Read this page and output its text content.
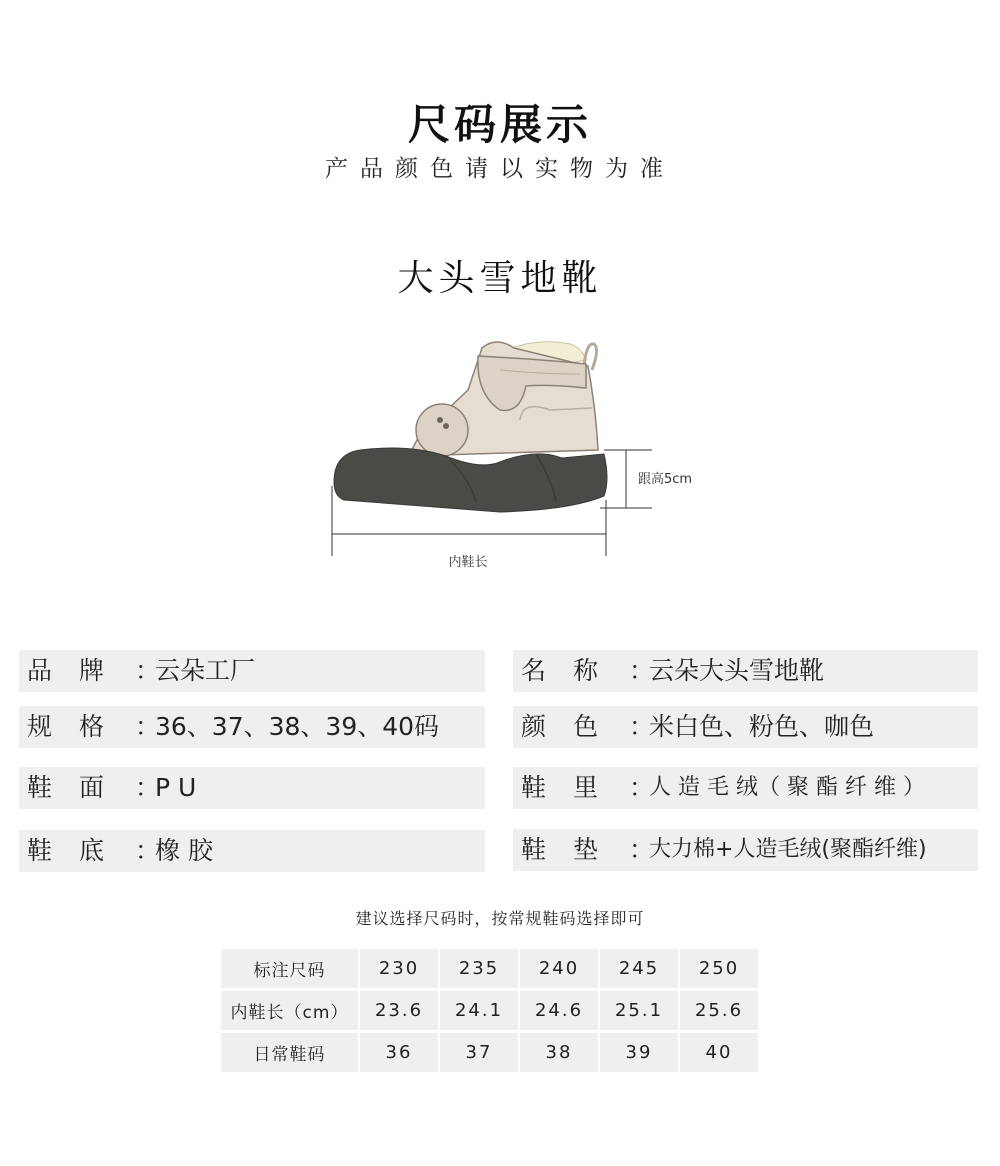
尺码展示
产品颜色请以实物为准
大头雪地靴
跟高5cm
内鞋长
品牌 ：
云朵工厂	名称 ：
云朵大头雪地靴
规格 ：
36、37、38、39、40码	颜色 ：
米白色、粉色、咖色
鞋面 ：
P U	鞋里 ：
人 造 毛 绒（ 聚 酯 纤 维 ）
鞋底 ：
橡 胶	鞋垫 ：
大力棉+人造毛绒(聚酯纤维)
建议选择尺码时，按常规鞋码选择即可
标注尺码	230	235	240	245	250
内鞋长（cm）	23.6	24.1	24.6	25.1	25.6
日常鞋码	36	37	38	39	40
